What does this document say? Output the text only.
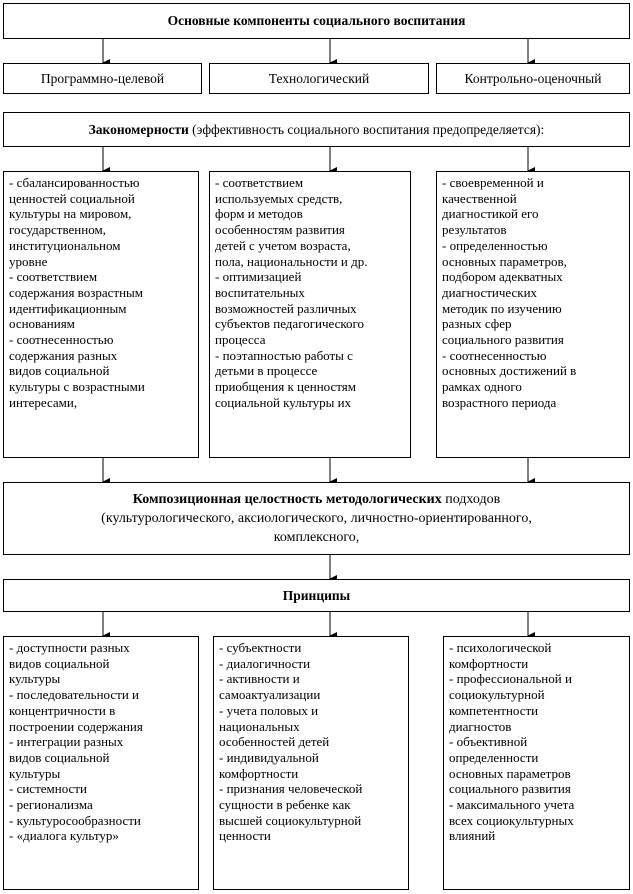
Основные компоненты социального воспитания
Программно-целевой	Технологический	Контрольно-оценочный
Закономерности (эффективность социального воспитания предопределяется):
- сбалансированностью
ценностей социальной
культуры на мировом,
государственном,
институциональном
уровне
- соответствием
содержания возрастным
идентификационным
основаниям
- соотнесенностью
содержания разных
видов социальной
культуры с возрастными
интересами,
- соответствием
используемых средств,
форм и методов
особенностям развития
детей с учетом возраста,
пола, национальности и др.
- оптимизацией
воспитательных
возможностей различных
субъектов педагогического
процесса
- поэтапностью работы с
детьми в процессе
приобщения к ценностям
социальной культуры их
- своевременной и
качественной
диагностикой его
результатов
- определенностью
основных параметров,
подбором адекватных
диагностических
методик по изучению
разных сфер
социального развития
- соотнесенностью
основных достижений в
рамках одного
возрастного периода
Композиционная целостность методологических подходов
(культурологического, аксиологического, личностно-ориентированного,
комплексного,
Принципы
- доступности разных
видов социальной
культуры
- последовательности и
концентричности в
построении содержания
- интеграции разных
видов социальной
культуры
- системности
- регионализма
- культуросообразности
- «диалога культур»
- субъектности
- диалогичности
- активности и
самоактуализации
- учета половых и
национальных
особенностей детей
- индивидуальной
комфортности
- признания человеческой
сущности в ребенке как
высшей социокультурной
ценности
- психологической
комфортности
- профессиональной и
социокультурной
компетентности
диагностов
- объективной
определенности
основных параметров
социального развития
- максимального учета
всех социокультурных
влияний
